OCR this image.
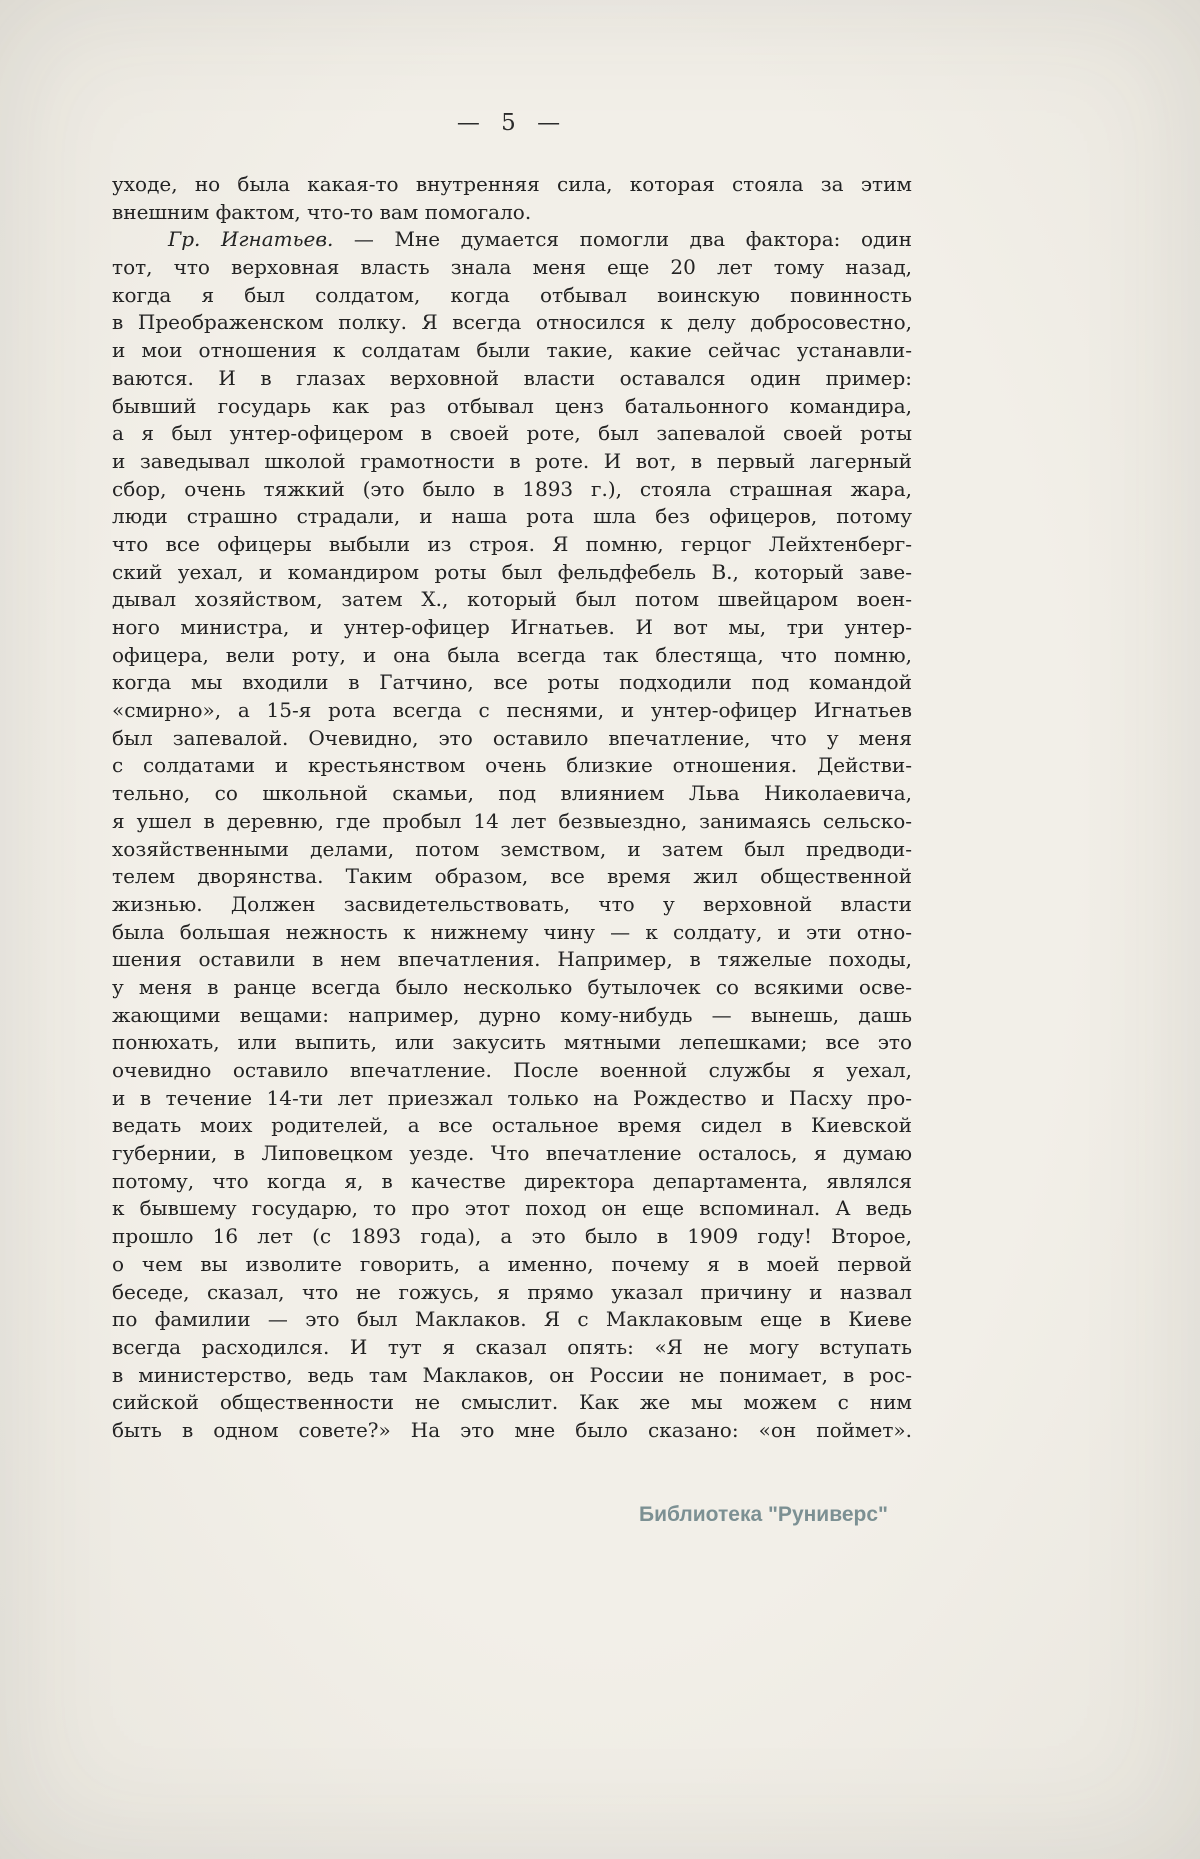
— 5 —
уходе, но была какая-то внутренняя сила, которая стояла за этим
внешним фактом, что-то вам помогало.
Гр. Игнатьев. — Мне думается помогли два фактора: один
тот, что верховная власть знала меня еще 20 лет тому назад,
когда я был солдатом, когда отбывал воинскую повинность
в Преображенском полку. Я всегда относился к делу добросовестно,
и мои отношения к солдатам были такие, какие сейчас устанавли-
ваются. И в глазах верховной власти оставался один пример:
бывший государь как раз отбывал ценз батальонного командира,
а я был унтер-офицером в своей роте, был запевалой своей роты
и заведывал школой грамотности в роте. И вот, в первый лагерный
сбор, очень тяжкий (это было в 1893 г.), стояла страшная жара,
люди страшно страдали, и наша рота шла без офицеров, потому
что все офицеры выбыли из строя. Я помню, герцог Лейхтенберг-
ский уехал, и командиром роты был фельдфебель В., который заве-
дывал хозяйством, затем Х., который был потом швейцаром воен-
ного министра, и унтер-офицер Игнатьев. И вот мы, три унтер-
офицера, вели роту, и она была всегда так блестяща, что помню,
когда мы входили в Гатчино, все роты подходили под командой
«смирно», а 15-я рота всегда с песнями, и унтер-офицер Игнатьев
был запевалой. Очевидно, это оставило впечатление, что у меня
с солдатами и крестьянством очень близкие отношения. Действи-
тельно, со школьной скамьи, под влиянием Льва Николаевича,
я ушел в деревню, где пробыл 14 лет безвыездно, занимаясь сельско-
хозяйственными делами, потом земством, и затем был предводи-
телем дворянства. Таким образом, все время жил общественной
жизнью. Должен засвидетельствовать, что у верховной власти
была большая нежность к нижнему чину — к солдату, и эти отно-
шения оставили в нем впечатления. Например, в тяжелые походы,
у меня в ранце всегда было несколько бутылочек со всякими осве-
жающими вещами: например, дурно кому-нибудь — вынешь, дашь
понюхать, или выпить, или закусить мятными лепешками; все это
очевидно оставило впечатление. После военной службы я уехал,
и в течение 14-ти лет приезжал только на Рождество и Пасху про-
ведать моих родителей, а все остальное время сидел в Киевской
губернии, в Липовецком уезде. Что впечатление осталось, я думаю
потому, что когда я, в качестве директора департамента, являлся
к бывшему государю, то про этот поход он еще вспоминал. А ведь
прошло 16 лет (с 1893 года), а это было в 1909 году! Второе,
о чем вы изволите говорить, а именно, почему я в моей первой
беседе, сказал, что не гожусь, я прямо указал причину и назвал
по фамилии — это был Маклаков. Я с Маклаковым еще в Киеве
всегда расходился. И тут я сказал опять: «Я не могу вступать
в министерство, ведь там Маклаков, он России не понимает, в рос-
сийской общественности не смыслит. Как же мы можем с ним
быть в одном совете?» На это мне было сказано: «он поймет».
Библиотека "Руниверс"
